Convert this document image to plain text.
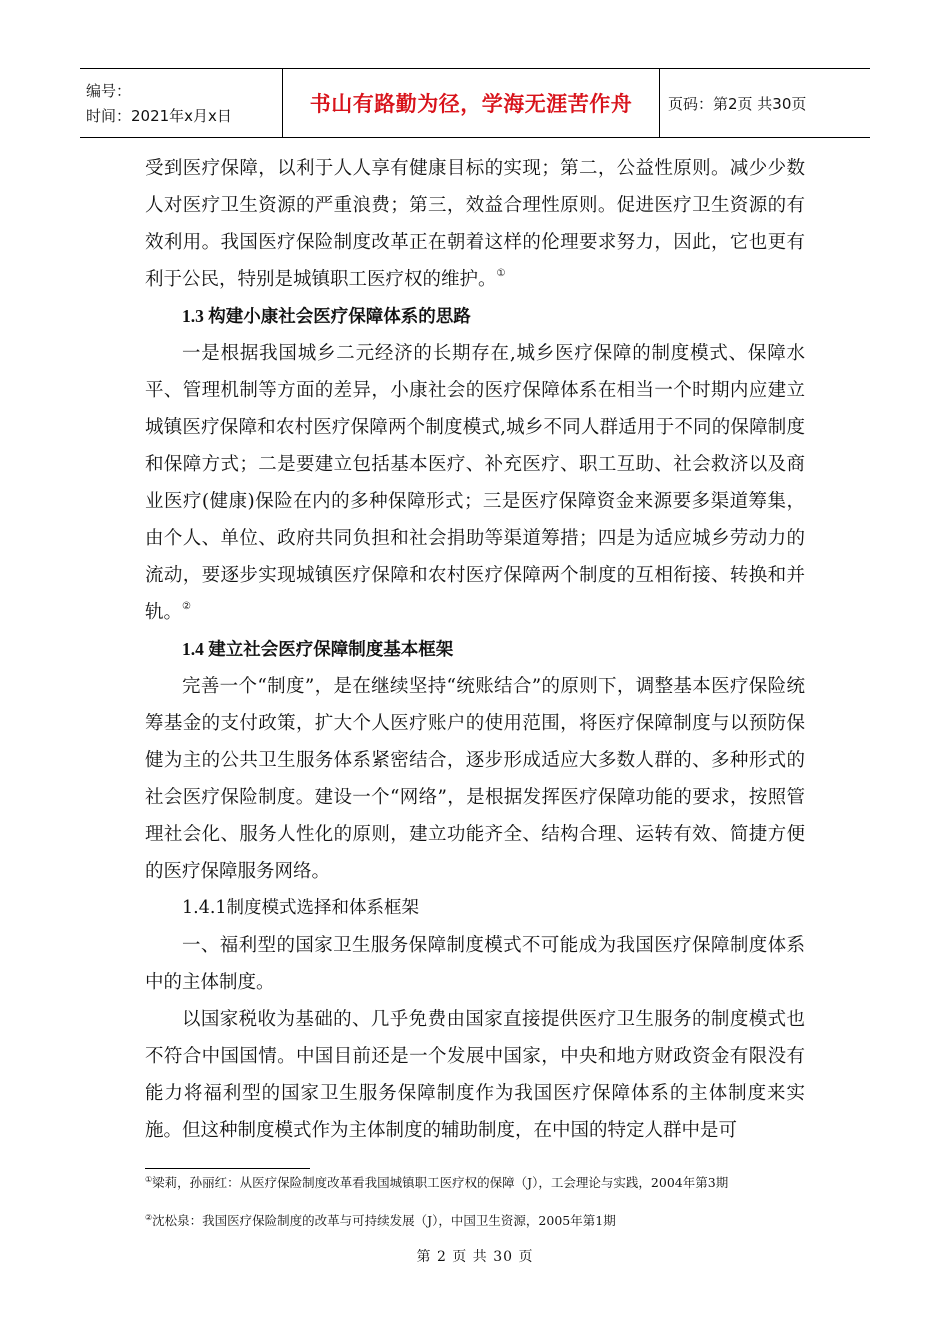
编号：
时间：2021年x月x日	书山有路勤为径，学海无涯苦作舟	页码：第2页 共30页

受到医疗保障，以利于人人享有健康目标的实现；第二，公益性原则。减少少数人对医疗卫生资源的严重浪费；第三，效益合理性原则。促进医疗卫生资源的有效利用。我国医疗保险制度改革正在朝着这样的伦理要求努力，因此，它也更有利于公民，特别是城镇职工医疗权的维护。①

1.3 构建小康社会医疗保障体系的思路

一是根据我国城乡二元经济的长期存在,城乡医疗保障的制度模式、保障水平、管理机制等方面的差异，小康社会的医疗保障体系在相当一个时期内应建立城镇医疗保障和农村医疗保障两个制度模式,城乡不同人群适用于不同的保障制度和保障方式；二是要建立包括基本医疗、补充医疗、职工互助、社会救济以及商业医疗(健康)保险在内的多种保障形式；三是医疗保障资金来源要多渠道筹集，由个人、单位、政府共同负担和社会捐助等渠道筹措；四是为适应城乡劳动力的流动，要逐步实现城镇医疗保障和农村医疗保障两个制度的互相衔接、转换和并轨。②

1.4 建立社会医疗保障制度基本框架

完善一个“制度”，是在继续坚持“统账结合”的原则下，调整基本医疗保险统筹基金的支付政策，扩大个人医疗账户的使用范围，将医疗保障制度与以预防保健为主的公共卫生服务体系紧密结合，逐步形成适应大多数人群的、多种形式的社会医疗保险制度。建设一个“网络”，是根据发挥医疗保障功能的要求，按照管理社会化、服务人性化的原则，建立功能齐全、结构合理、运转有效、简捷方便的医疗保障服务网络。

1.4.1制度模式选择和体系框架

一、福利型的国家卫生服务保障制度模式不可能成为我国医疗保障制度体系中的主体制度。

以国家税收为基础的、几乎免费由国家直接提供医疗卫生服务的制度模式也不符合中国国情。中国目前还是一个发展中国家，中央和地方财政资金有限没有能力将福利型的国家卫生服务保障制度作为我国医疗保障体系的主体制度来实施。但这种制度模式作为主体制度的辅助制度，在中国的特定人群中是可

①梁莉，孙丽红：从医疗保险制度改革看我国城镇职工医疗权的保障（J），工会理论与实践，2004年第3期
②沈松泉：我国医疗保险制度的改革与可持续发展（J），中国卫生资源，2005年第1期
第 2 页 共 30 页
